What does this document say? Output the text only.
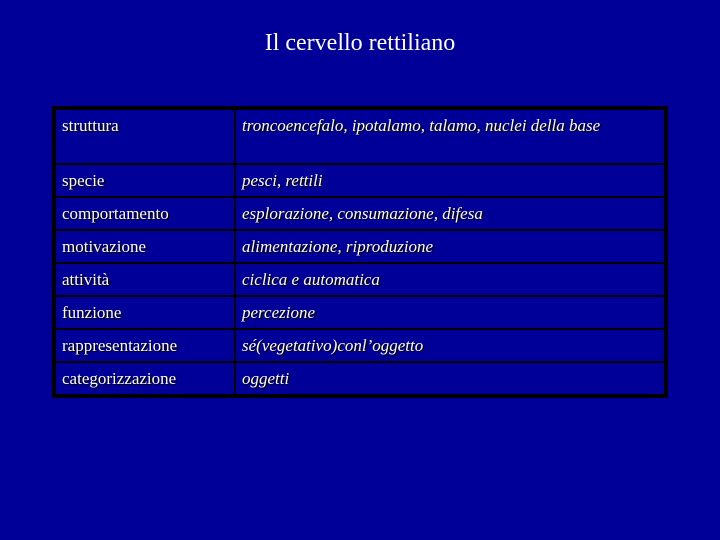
Il cervello rettiliano
struttura	troncoencefalo, ipotalamo, talamo, nuclei della base
specie	pesci, rettili
comportamento	esplorazione, consumazione, difesa
motivazione	alimentazione, riproduzione
attività	ciclica e automatica
funzione	percezione
rappresentazione	sé(vegetativo)conl’oggetto
categorizzazione	oggetti
